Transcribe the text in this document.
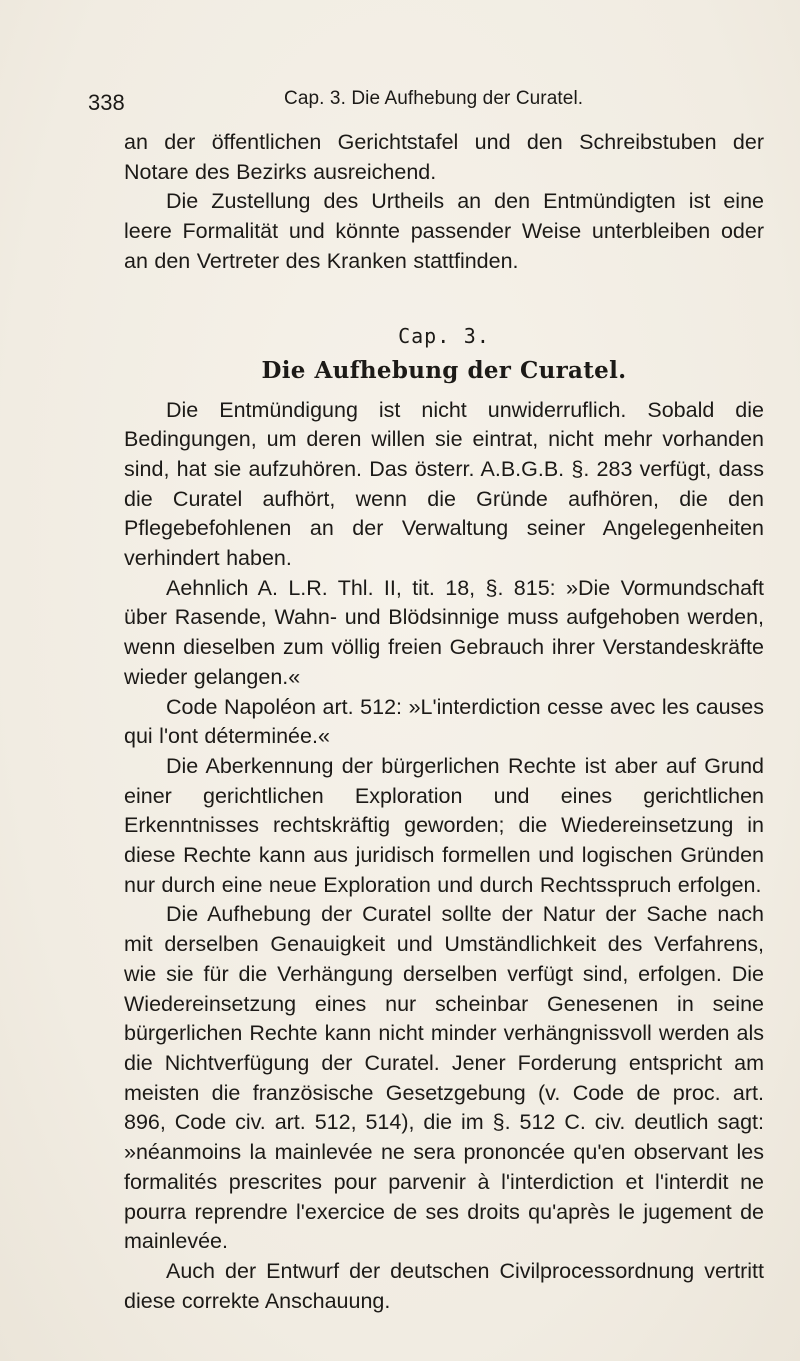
338	Cap. 3. Die Aufhebung der Curatel.

an der öffentlichen Gerichtstafel und den Schreibstuben der Notare des Bezirks ausreichend.

Die Zustellung des Urtheils an den Entmündigten ist eine leere Formalität und könnte passender Weise unterbleiben oder an den Vertreter des Kranken stattfinden.

Cap. 3.
Die Aufhebung der Curatel.

Die Entmündigung ist nicht unwiderruflich. Sobald die Bedingungen, um deren willen sie eintrat, nicht mehr vorhanden sind, hat sie aufzuhören. Das österr. A.B.G.B. §. 283 verfügt, dass die Curatel aufhört, wenn die Gründe aufhören, die den Pflegebefohlenen an der Verwaltung seiner Angelegenheiten verhindert haben.

Aehnlich A. L.R. Thl. II, tit. 18, §. 815: »Die Vormundschaft über Rasende, Wahn- und Blödsinnige muss aufgehoben werden, wenn dieselben zum völlig freien Gebrauch ihrer Verstandeskräfte wieder gelangen.«

Code Napoléon art. 512: »L'interdiction cesse avec les causes qui l'ont déterminée.«

Die Aberkennung der bürgerlichen Rechte ist aber auf Grund einer gerichtlichen Exploration und eines gerichtlichen Erkenntnisses rechtskräftig geworden; die Wiedereinsetzung in diese Rechte kann aus juridisch formellen und logischen Gründen nur durch eine neue Exploration und durch Rechtsspruch erfolgen.

Die Aufhebung der Curatel sollte der Natur der Sache nach mit derselben Genauigkeit und Umständlichkeit des Verfahrens, wie sie für die Verhängung derselben verfügt sind, erfolgen. Die Wiedereinsetzung eines nur scheinbar Genesenen in seine bürgerlichen Rechte kann nicht minder verhängnissvoll werden als die Nichtverfügung der Curatel. Jener Forderung entspricht am meisten die französische Gesetzgebung (v. Code de proc. art. 896, Code civ. art. 512, 514), die im §. 512 C. civ. deutlich sagt: »néanmoins la mainlevée ne sera prononcée qu'en observant les formalités prescrites pour parvenir à l'interdiction et l'interdit ne pourra reprendre l'exercice de ses droits qu'après le jugement de mainlevée.

Auch der Entwurf der deutschen Civilprocessordnung vertritt diese correkte Anschauung.
